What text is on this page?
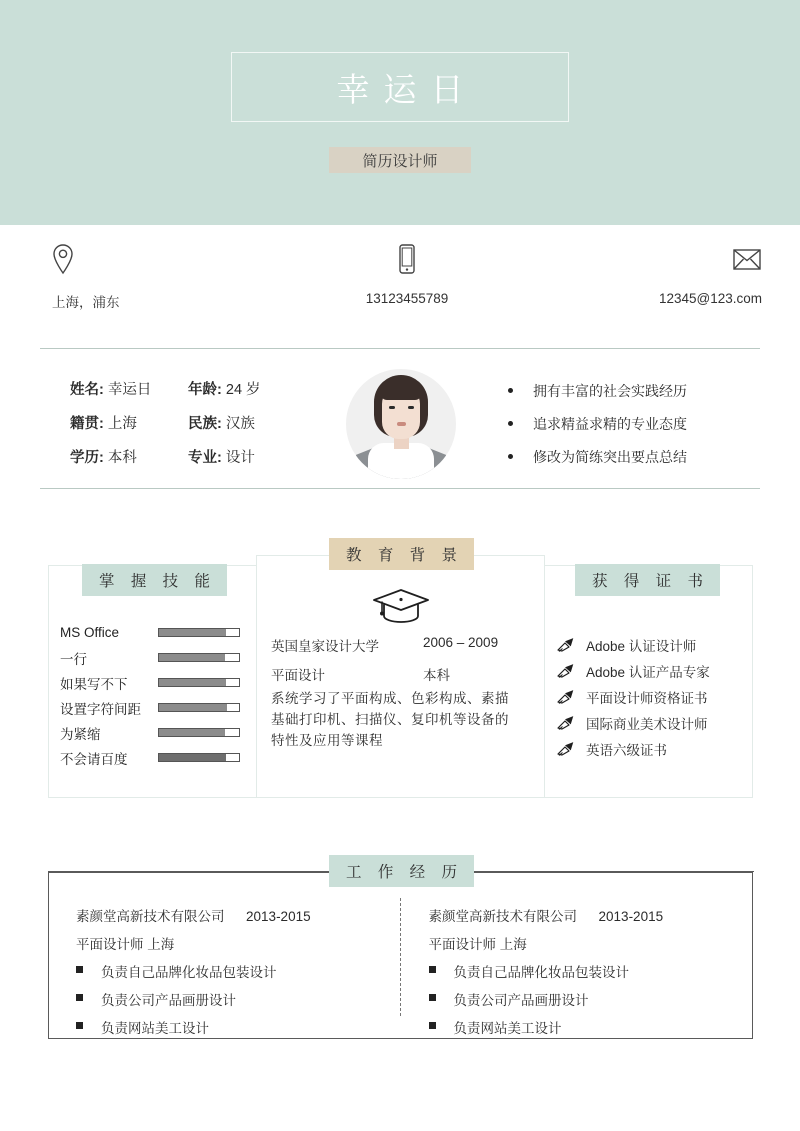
幸运日
简历设计师
上海，浦东	13123455789	12345@123.com
姓名: 幸运日	年龄: 24 岁
籍贯: 上海	民族: 汉族
学历: 本科	专业: 设计
拥有丰富的社会实践经历
追求精益求精的专业态度
修改为简练突出要点总结
掌 握 技 能
教 育 背 景
获 得 证 书
MS Office
一行
如果写不下
设置字符间距
为紧缩
不会请百度
英国皇家设计大学	2006 – 2009
平面设计	本科
系统学习了平面构成、色彩构成、素描基础打印机、扫描仪、复印机等设备的特性及应用等课程
Adobe 认证设计师
Adobe 认证产品专家
平面设计师资格证书
国际商业美术设计师
英语六级证书
工 作 经 历
素颜堂高新技术有限公司 2013-2015
平面设计师 上海
负责自己品牌化妆品包装设计
负责公司产品画册设计
负责网站美工设计
素颜堂高新技术有限公司 2013-2015
平面设计师 上海
负责自己品牌化妆品包装设计
负责公司产品画册设计
负责网站美工设计
